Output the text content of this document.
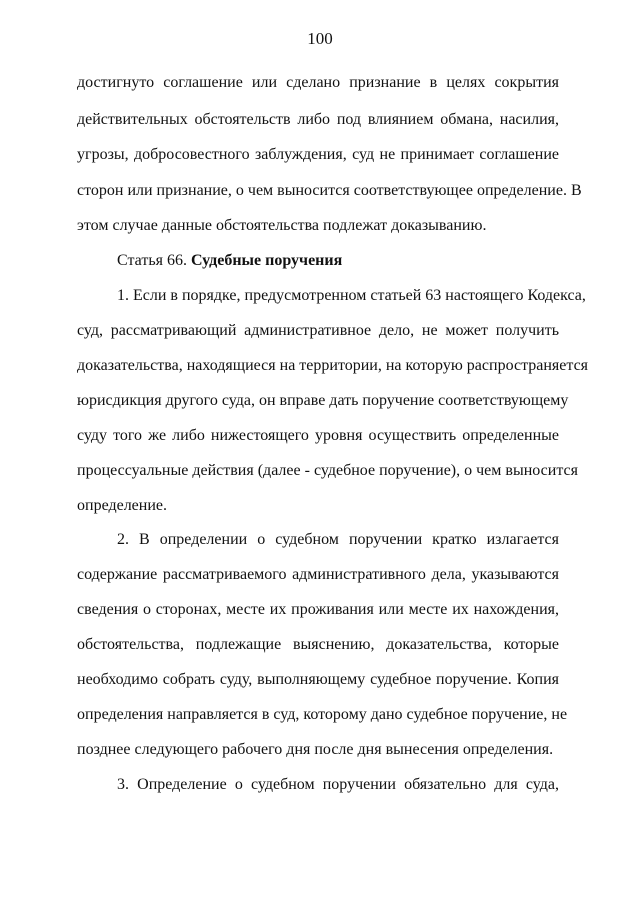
100
достигнуто соглашение или сделано признание в целях сокрытия
действительных обстоятельств либо под влиянием обмана, насилия,
угрозы, добросовестного заблуждения, суд не принимает соглашение
сторон или признание, о чем выносится соответствующее определение. В
этом случае данные обстоятельства подлежат доказыванию.
Статья 66. Судебные поручения
1. Если в порядке, предусмотренном статьей 63 настоящего Кодекса,
суд, рассматривающий административное дело, не может получить
доказательства, находящиеся на территории, на которую распространяется
юрисдикция другого суда, он вправе дать поручение соответствующему
суду того же либо нижестоящего уровня осуществить определенные
процессуальные действия (далее - судебное поручение), о чем выносится
определение.
2. В определении о судебном поручении кратко излагается
содержание рассматриваемого административного дела, указываются
сведения о сторонах, месте их проживания или месте их нахождения,
обстоятельства, подлежащие выяснению, доказательства, которые
необходимо собрать суду, выполняющему судебное поручение. Копия
определения направляется в суд, которому дано судебное поручение, не
позднее следующего рабочего дня после дня вынесения определения.
3. Определение о судебном поручении обязательно для суда,
